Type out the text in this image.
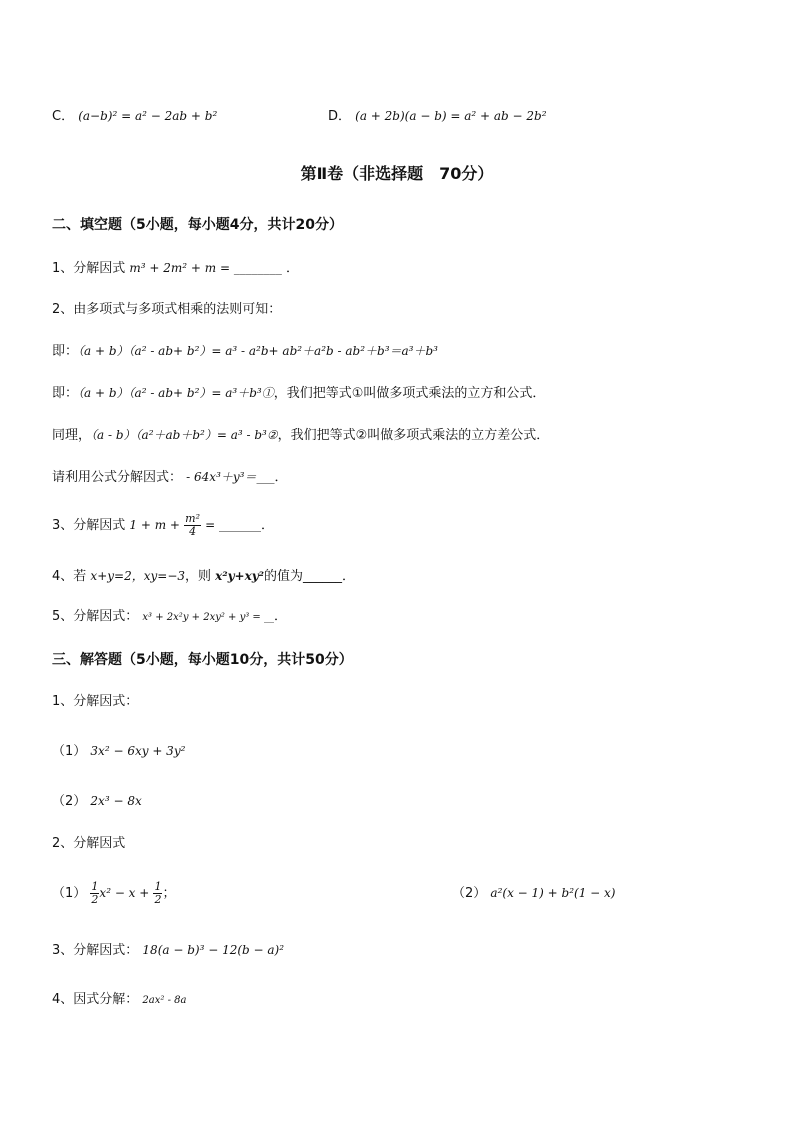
C． (a−b)² = a² − 2ab + b²	D． (a + 2b)(a − b) = a² + ab − 2b²
第Ⅱ卷（非选择题　70分）
二、填空题（5小题，每小题4分，共计20分）
1、分解因式 m³ + 2m² + m = ________ ．
2、由多项式与多项式相乘的法则可知：
即：（a + b）（a² ‐ ab+ b²）= a³ ‐ a²b+ ab²＋a²b ‐ ab²＋b³＝a³＋b³
即：（a + b）（a² ‐ ab+ b²）= a³＋b³①，我们把等式①叫做多项式乘法的立方和公式．
同理，（a ‐ b）（a²＋ab＋b²）= a³ ‐ b³②，我们把等式②叫做多项式乘法的立方差公式．
请利用公式分解因式： ‐ 64x³＋y³＝___．
3、分解因式 $1 + m + \frac{\text{m²}}{4}$ = _______．
4、若 x+y=2，xy=−3，则 x²y+xy²的值为______．
5、分解因式： x³ + 2x²y + 2xy² + y³ = __．
三、解答题（5小题，每小题10分，共计50分）
1、分解因式：
（1） 3x² − 6xy + 3y²
（2） 2x³ − 8x
2、分解因式
$(1) \frac{1}{2} x^2 - x + \frac{1}{2}$ ；	（2） a²(x − 1) + b²(1 − x)
3、分解因式： 18(a − b)³ − 12(b − a)²
4、因式分解： 2ax² ‐ 8a
